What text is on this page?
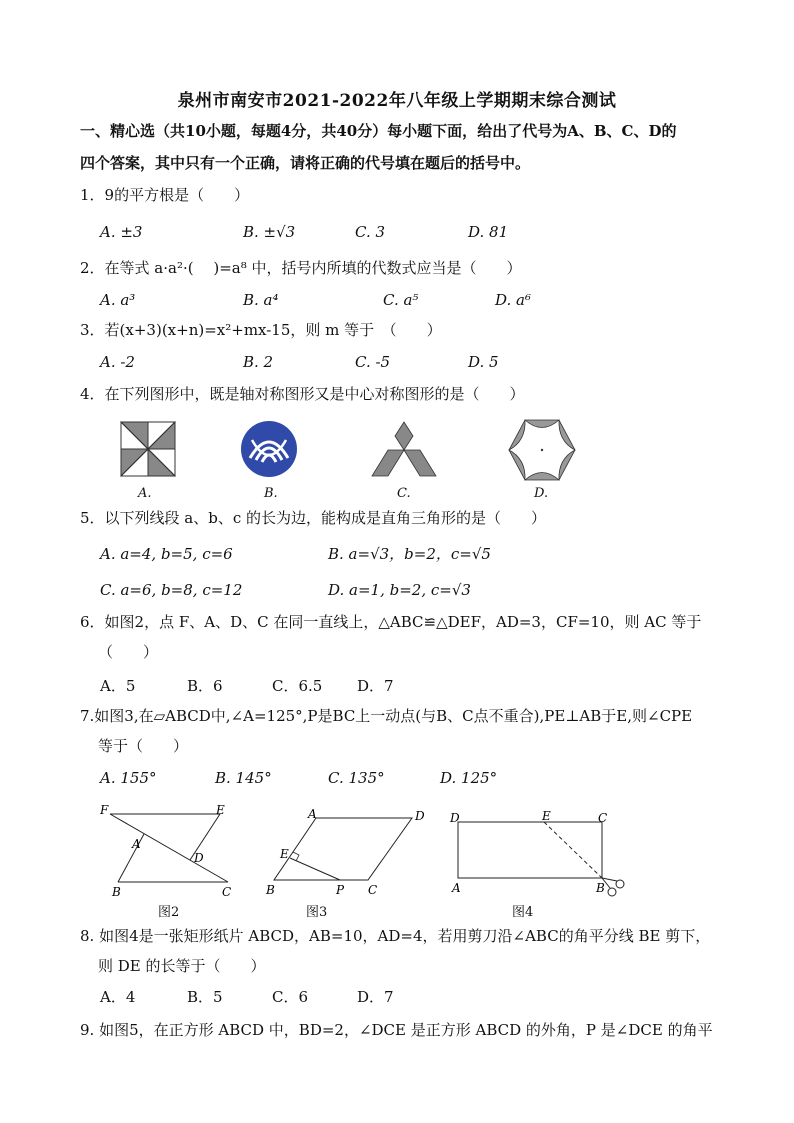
泉州市南安市2021-2022年八年级上学期期末综合测试
一、精心选（共10小题，每题4分，共40分）每小题下面，给出了代号为A、B、C、D的
四个答案，其中只有一个正确，请将正确的代号填在题后的括号中。
1．9的平方根是（　　）
A. ±3	B. ±√3	C. 3	D. 81
2．在等式 a·a²·(　 )=a⁸ 中，括号内所填的代数式应当是（　　）
A. a³	B. a⁴	C. a⁵	D. a⁶
3．若(x+3)(x+n)=x²+mx-15，则 m 等于　（　　）
A. -2	B. 2	C. -5	D. 5
4．在下列图形中，既是轴对称图形又是中心对称图形的是（　　）
A.	B.	C.	D.
5．以下列线段 a、b、c 的长为边，能构成是直角三角形的是（　　）
A. a=4, b=5, c=6	B. a=√3，b=2，c=√5
C. a=6, b=8, c=12	D. a=1, b=2, c=√3
6．如图2，点 F、A、D、C 在同一直线上，△ABC≌△DEF，AD=3，CF=10，则 AC 等于
（　　）
A．5	B．6	C．6.5 D．7
7.如图3,在▱ABCD中,∠A=125°,P是BC上一动点(与B、C点不重合),PE⊥AB于E,则∠CPE
等于（　　）
A. 155°	B. 145°	C. 135°	D. 125°
F	E
A
D
B	C
图2
A	D
E
B	P C
图3
D	E	C
A	B
图4
8. 如图4是一张矩形纸片 ABCD，AB=10，AD=4，若用剪刀沿∠ABC的角平分线 BE 剪下，
则 DE 的长等于（　　）
A．4	B．5	C．6	D．7
9. 如图5，在正方形 ABCD 中，BD=2，∠DCE 是正方形 ABCD 的外角，P 是∠DCE 的角平
